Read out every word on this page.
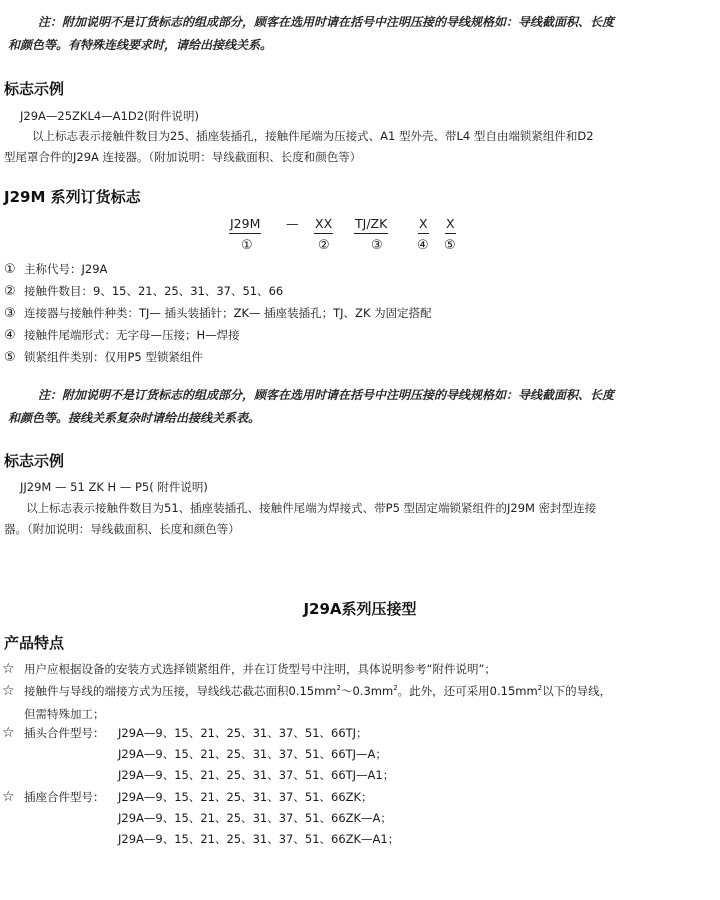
注：附加说明不是订货标志的组成部分，顾客在选用时请在括号中注明压接的导线规格如：导线截面积、长度
和颜色等。有特殊连线要求时，请给出接线关系。
标志示例
J29A—25ZKL4—A1D2(附件说明)
以上标志表示接触件数目为25、插座装插孔，接触件尾端为压接式、A1 型外壳、带L4 型自由端锁紧组件和D2
型尾罩合件的J29A 连接器。（附加说明：导线截面积、长度和颜色等）
J29M 系列订货标志
J29M — XX TJ/ZK	X X
①	②	③	④ ⑤
① 主称代号：J29A
② 接触件数目：9、15、21、25、31、37、51、66
③ 连接器与接触件种类：TJ— 插头装插针；ZK— 插座装插孔；TJ、ZK 为固定搭配
④ 接触件尾端形式：无字母—压接；H—焊接
⑤ 锁紧组件类别：仅用P5 型锁紧组件
注：附加说明不是订货标志的组成部分，顾客在选用时请在括号中注明压接的导线规格如：导线截面积、长度
和颜色等。接线关系复杂时请给出接线关系表。
标志示例
JJ29M — 51 ZK H — P5( 附件说明)
以上标志表示接触件数目为51、插座装插孔、接触件尾端为焊接式、带P5 型固定端锁紧组件的J29M 密封型连接
器。（附加说明：导线截面积、长度和颜色等）
J29A系列压接型
产品特点
☆ 用户应根据设备的安装方式选择锁紧组件，并在订货型号中注明，具体说明参考“附件说明”；
☆ 接触件与导线的端接方式为压接，导线线芯截芯面积$0.15mm^2\sim 0.3mm^2$。此外，还可采用$0.15mm^2$以下的导线，
但需特殊加工；
☆ 插头合件型号： J29A—9、15、21、25、31、37、51、66TJ；
J29A—9、15、21、25、31、37、51、66TJ—A；
J29A—9、15、21、25、31、37、51、66TJ—A1；
☆ 插座合件型号： J29A—9、15、21、25、31、37、51、66ZK；
J29A—9、15、21、25、31、37、51、66ZK—A；
J29A—9、15、21、25、31、37、51、66ZK—A1；
